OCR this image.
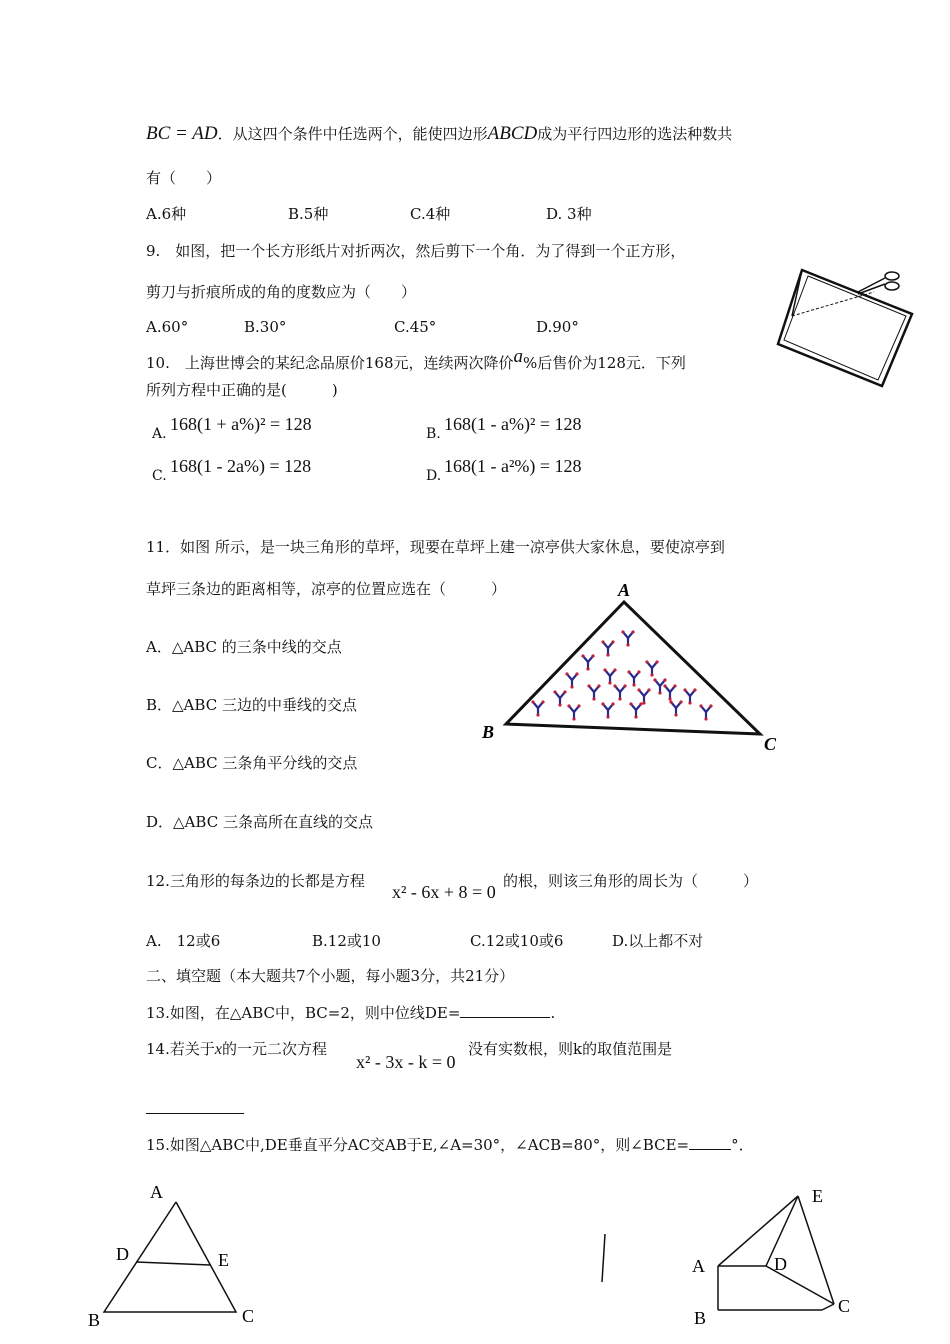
BC = AD．从这四个条件中任选两个，能使四边形ABCD成为平行四边形的选法种数共
有（　　）
A.6种	B.5种	C.4种	D. 3种
9.　如图，把一个长方形纸片对折两次，然后剪下一个角．为了得到一个正方形，
剪刀与折痕所成的角的度数应为（　　）
A.60°	B.30°	C.45°	D.90°
10.　上海世博会的某纪念品原价168元，连续两次降价a%后售价为128元．下列
所列方程中正确的是(　　　)
A. 168(1 + a%)² = 128	B. 168(1 - a%)² = 128
C. 168(1 - 2a%) = 128	D. 168(1 - a²%) = 128
11．如图 所示，是一块三角形的草坪，现要在草坪上建一凉亭供大家休息，要使凉亭到
草坪三条边的距离相等，凉亭的位置应选在（　　　）
A．△ABC 的三条中线的交点
B．△ABC 三边的中垂线的交点
C．△ABC 三条角平分线的交点
D．△ABC 三条高所在直线的交点
A
B
C
12.三角形的每条边的长都是方程
x² - 6x + 8 = 0
的根，则该三角形的周长为（　　　）
A.　12或6	B.12或10	C.12或10或6	D.以上都不对
二、填空题（本大题共7个小题，每小题3分，共21分）
13.如图，在△ABC中，BC=2，则中位线DE=	.
14.若关于x的一元二次方程
x² - 3x - k = 0
没有实数根，则k的取值范围是
15.如图△ABC中,DE垂直平分AC交AB于E,∠A=30°，∠ACB=80°，则∠BCE=	°．
A
D	E
B	C
E
A	D
B
C
